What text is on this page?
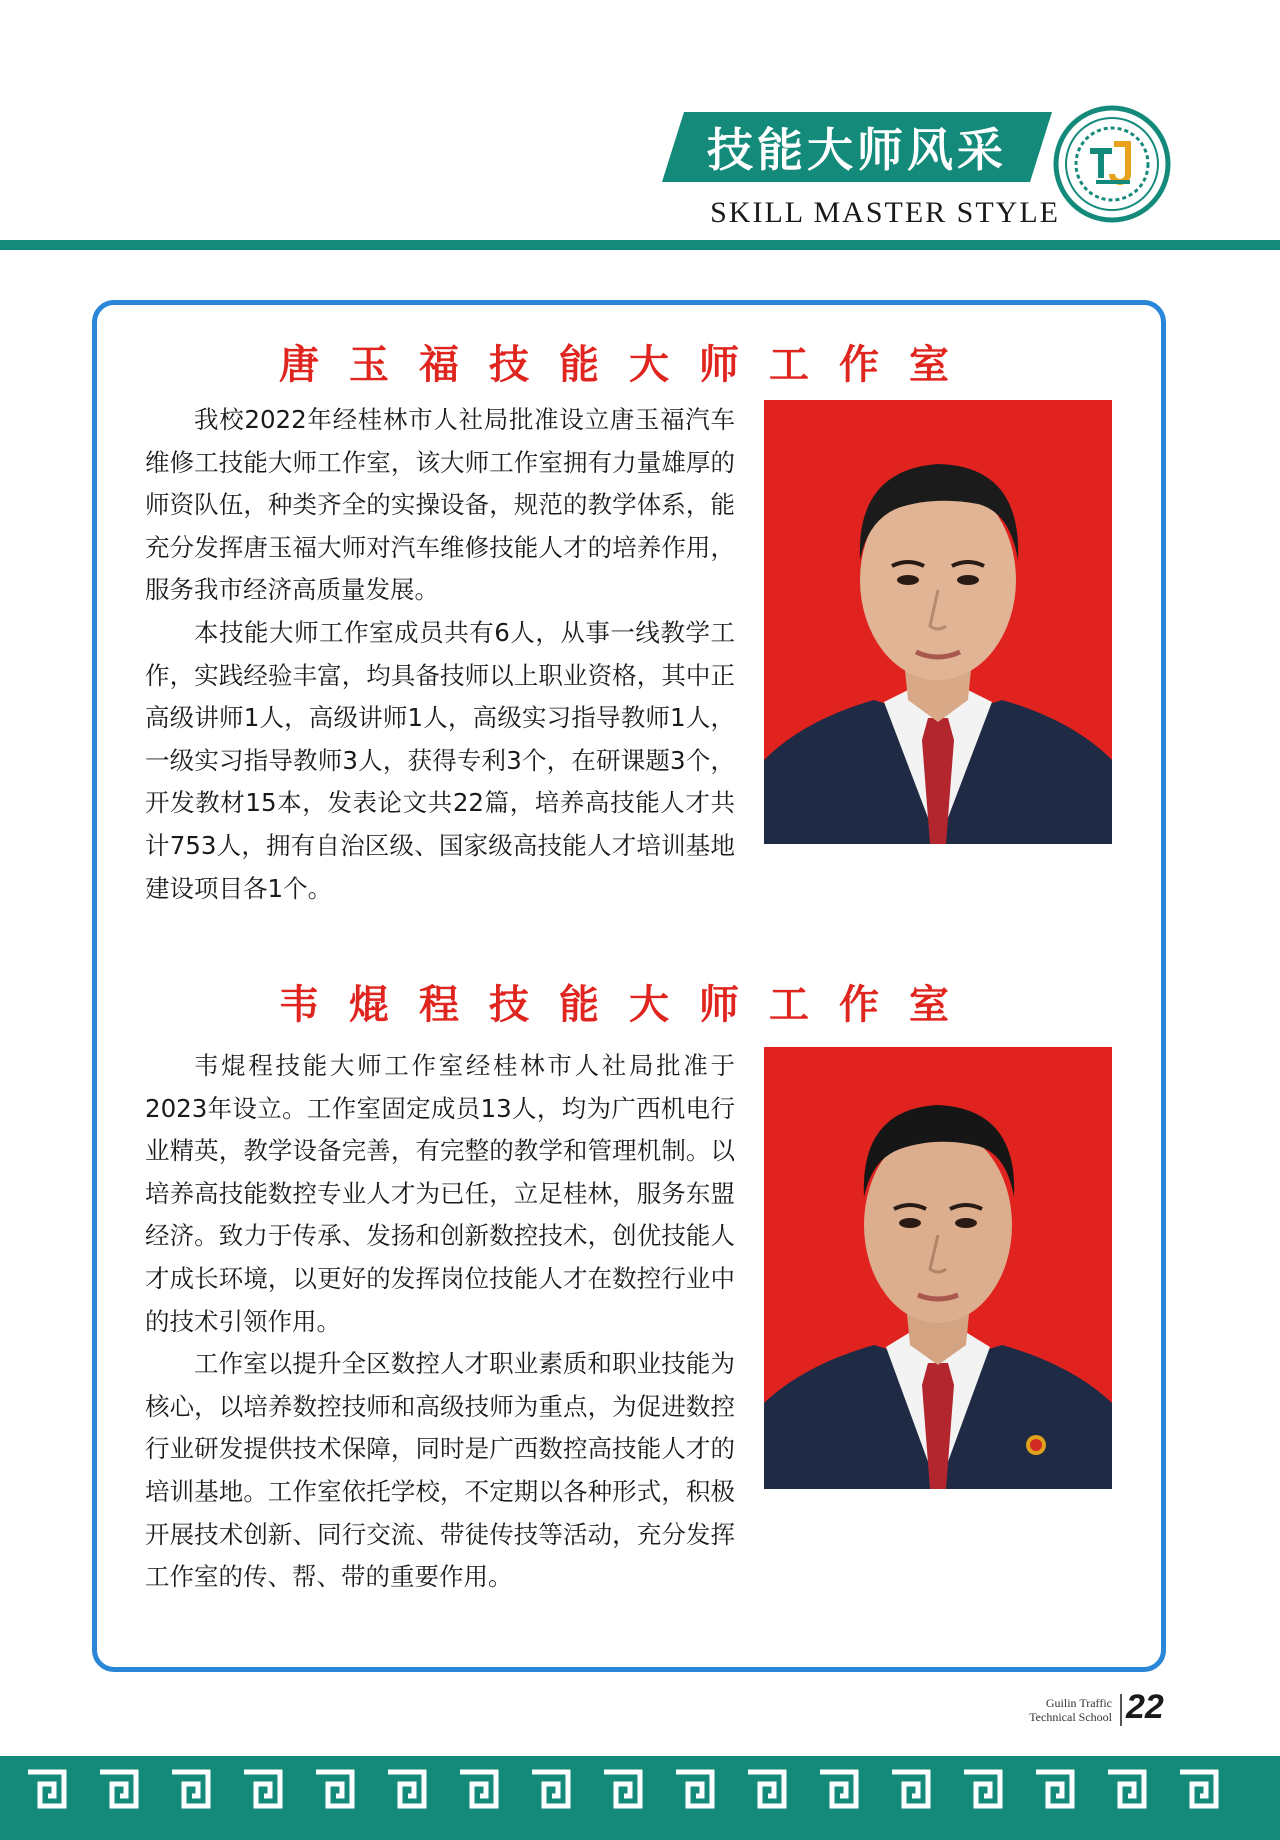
技能大师风采
SKILL MASTER STYLE
唐玉福技能大师工作室

我校2022年经桂林市人社局批准设立唐玉福汽车维修工技能大师工作室，该大师工作室拥有力量雄厚的师资队伍，种类齐全的实操设备，规范的教学体系，能充分发挥唐玉福大师对汽车维修技能人才的培养作用，服务我市经济高质量发展。

本技能大师工作室成员共有6人，从事一线教学工作，实践经验丰富，均具备技师以上职业资格，其中正高级讲师1人，高级讲师1人，高级实习指导教师1人，一级实习指导教师3人，获得专利3个，在研课题3个，开发教材15本，发表论文共22篇，培养高技能人才共计753人，拥有自治区级、国家级高技能人才培训基地建设项目各1个。

韦焜程技能大师工作室

韦焜程技能大师工作室经桂林市人社局批准于2023年设立。工作室固定成员13人，均为广西机电行业精英，教学设备完善，有完整的教学和管理机制。以培养高技能数控专业人才为已任，立足桂林，服务东盟经济。致力于传承、发扬和创新数控技术，创优技能人才成长环境，以更好的发挥岗位技能人才在数控行业中的技术引领作用。

工作室以提升全区数控人才职业素质和职业技能为核心，以培养数控技师和高级技师为重点，为促进数控行业研发提供技术保障，同时是广西数控高技能人才的培训基地。工作室依托学校，不定期以各种形式，积极开展技术创新、同行交流、带徒传技等活动，充分发挥工作室的传、帮、带的重要作用。

Guilin Traffic
Technical School 22
